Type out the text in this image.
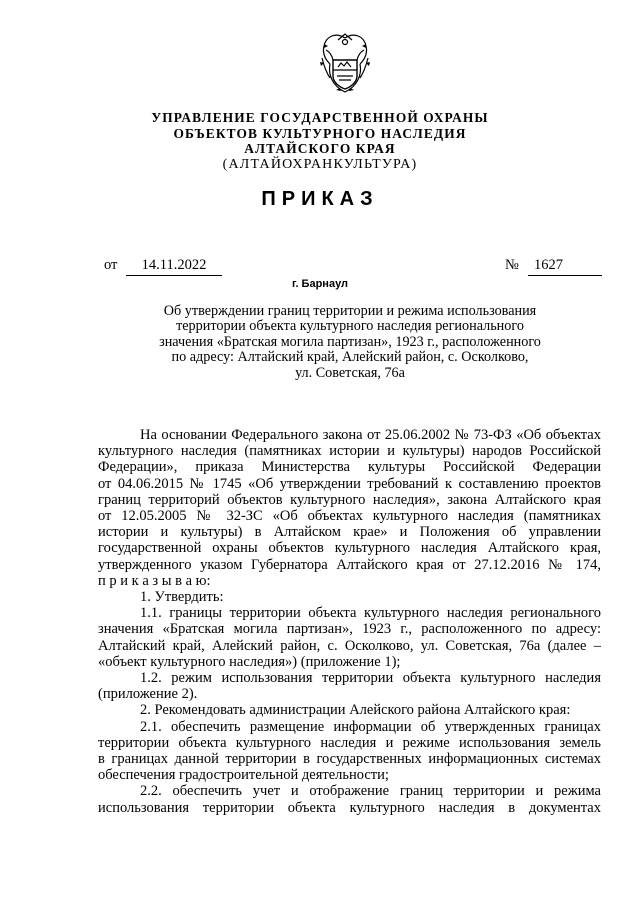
УПРАВЛЕНИЕ ГОСУДАРСТВЕННОЙ ОХРАНЫ
ОБЪЕКТОВ КУЛЬТУРНОГО НАСЛЕДИЯ
АЛТАЙСКОГО КРАЯ
(АЛТАЙОХРАНКУЛЬТУРА)
ПРИКАЗ
от	14.11.2022	№	1627
г. Барнаул
Об утверждении границ территории и режима использования
территории объекта культурного наследия регионального
значения «Братская могила партизан», 1923 г., расположенного
по адресу: Алтайский край, Алейский район, с. Осколково,
ул. Советская, 76а
На основании Федерального закона от 25.06.2002 № 73-ФЗ «Об объектах
культурного наследия (памятниках истории и культуры) народов Российской
Федерации», приказа Министерства культуры Российской Федерации
от 04.06.2015 № 1745 «Об утверждении требований к составлению проектов
границ территорий объектов культурного наследия», закона Алтайского края
от 12.05.2005 № 32-ЗС «Об объектах культурного наследия (памятниках
истории и культуры) в Алтайском крае» и Положения об управлении
государственной охраны объектов культурного наследия Алтайского края,
утвержденного указом Губернатора Алтайского края от 27.12.2016 № 174,
п р и к а з ы в а ю:
1. Утвердить:
1.1. границы территории объекта культурного наследия регионального
значения «Братская могила партизан», 1923 г., расположенного по адресу:
Алтайский край, Алейский район, с. Осколково, ул. Советская, 76а (далее –
«объект культурного наследия») (приложение 1);
1.2. режим использования территории объекта культурного наследия
(приложение 2).
2. Рекомендовать администрации Алейского района Алтайского края:
2.1. обеспечить размещение информации об утвержденных границах
территории объекта культурного наследия и режиме использования земель
в границах данной территории в государственных информационных системах
обеспечения градостроительной деятельности;
2.2. обеспечить учет и отображение границ территории и режима
использования территории объекта культурного наследия в документах
